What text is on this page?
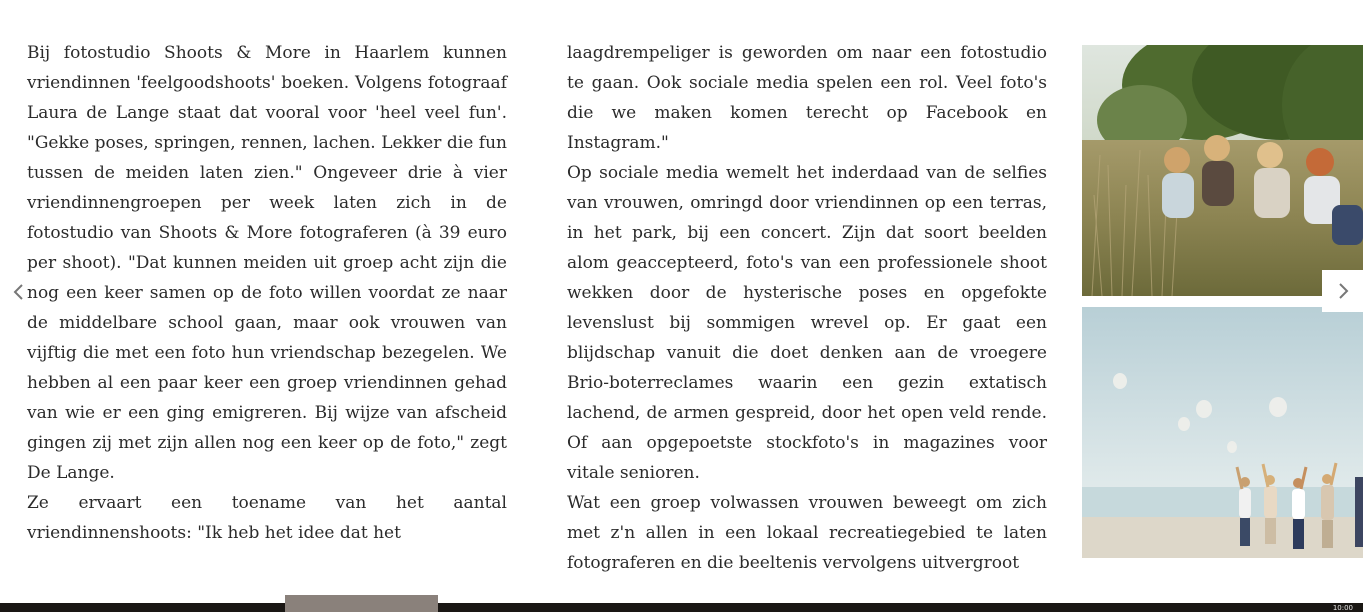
Bij fotostudio Shoots & More in Haarlem kunnen vriendinnen 'feelgoodshoots' boeken. Volgens fotograaf Laura de Lange staat dat vooral voor 'heel veel fun'. "Gekke poses, springen, rennen, lachen. Lekker die fun tussen de meiden laten zien." Ongeveer drie à vier vriendinnengroepen per week laten zich in de fotostudio van Shoots & More fotograferen (à 39 euro per shoot). "Dat kunnen meiden uit groep acht zijn die nog een keer samen op de foto willen voordat ze naar de middelbare school gaan, maar ook vrouwen van vijftig die met een foto hun vriendschap bezegelen. We hebben al een paar keer een groep vriendinnen gehad van wie er een ging emigreren. Bij wijze van afscheid gingen zij met zijn allen nog een keer op de foto," zegt De Lange.

Ze ervaart een toename van het aantal vriendinnenshoots: "Ik heb het idee dat het

laagdrempeliger is geworden om naar een fotostudio te gaan. Ook sociale media spelen een rol. Veel foto's die we maken komen terecht op Facebook en Instagram."

Op sociale media wemelt het inderdaad van de selfies van vrouwen, omringd door vriendinnen op een terras, in het park, bij een concert. Zijn dat soort beelden alom geaccepteerd, foto's van een professionele shoot wekken door de hysterische poses en opgefokte levenslust bij sommigen wrevel op. Er gaat een blijdschap vanuit die doet denken aan de vroegere Brio-boterreclames waarin een gezin extatisch lachend, de armen gespreid, door het open veld rende. Of aan opgepoetste stockfoto's in magazines voor vitale senioren.

Wat een groep volwassen vrouwen beweegt om zich met z'n allen in een lokaal recreatiegebied te laten fotograferen en die beeltenis vervolgens uitvergroot

10:00
